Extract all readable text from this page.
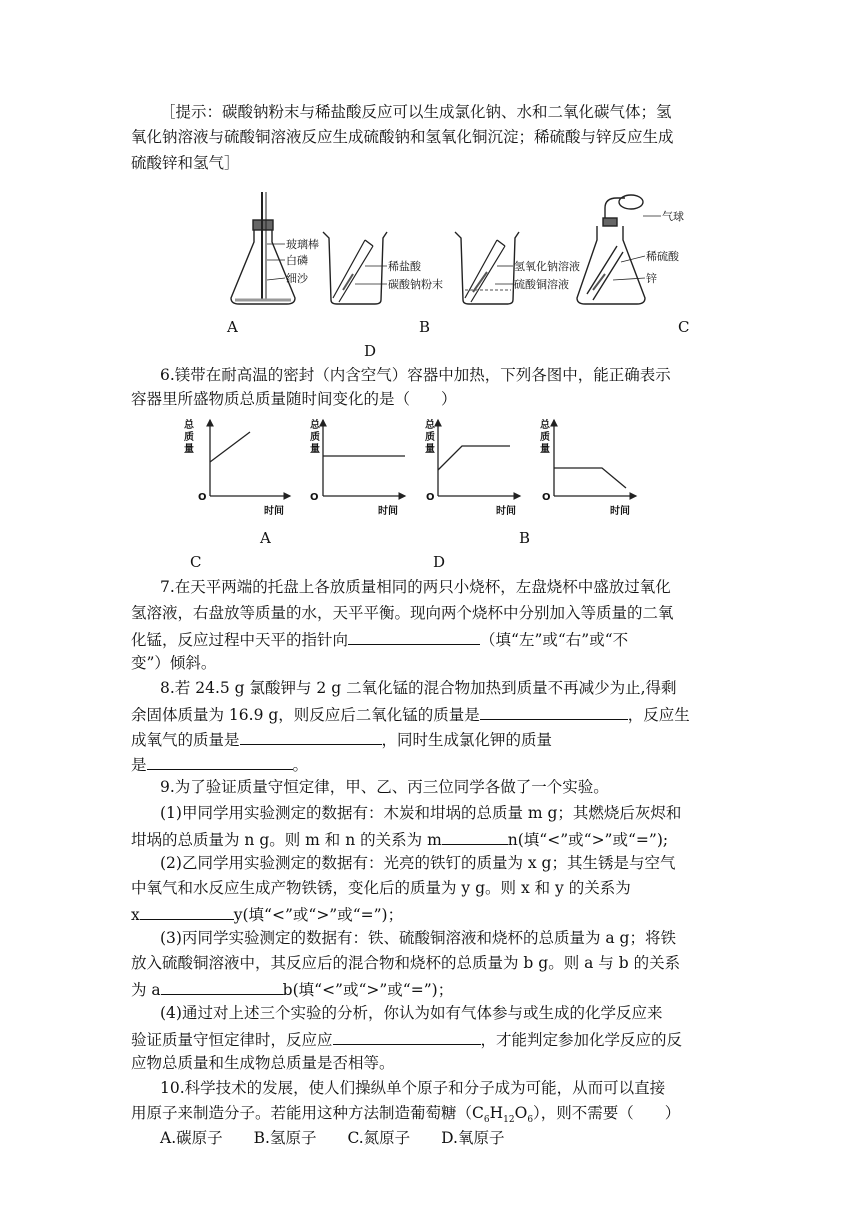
［提示：碳酸钠粉末与稀盐酸反应可以生成氯化钠、水和二氧化碳气体；氢
氧化钠溶液与硫酸铜溶液反应生成硫酸钠和氢氧化铜沉淀；稀硫酸与锌反应生成
硫酸锌和氢气］
玻璃棒
白磷
细沙
稀盐酸
碳酸钠粉末
氢氧化钠溶液
硫酸铜溶液
气球
稀硫酸
锌
A	B	C
D
6.镁带在耐高温的密封（内含空气）容器中加热，下列各图中，能正确表示
容器里所盛物质总质量随时间变化的是（　　）
总
质
量
O
时间
总
质
量
O
时间
总
质
量
O
时间
总
质
量
O
时间
A	B
C	D
7.在天平两端的托盘上各放质量相同的两只小烧杯，左盘烧杯中盛放过氧化
氢溶液，右盘放等质量的水，天平平衡。现向两个烧杯中分别加入等质量的二氧
化锰，反应过程中天平的指针向	（填“左”或“右”或“不
变”）倾斜。
8.若 24.5 g 氯酸钾与 2 g 二氧化锰的混合物加热到质量不再减少为止,得剩
余固体质量为 16.9 g，则反应后二氧化锰的质量是	，反应生
成氧气的质量是	，同时生成氯化钾的质量
是	。
9.为了验证质量守恒定律，甲、乙、丙三位同学各做了一个实验。
(1)甲同学用实验测定的数据有：木炭和坩埚的总质量 m g；其燃烧后灰烬和
坩埚的总质量为 n g。则 m 和 n 的关系为 m	n(填“<”或“>”或“=”);
(2)乙同学用实验测定的数据有：光亮的铁钉的质量为 x g；其生锈是与空气
中氧气和水反应生成产物铁锈，变化后的质量为 y g。则 x 和 y 的关系为
x	y(填“<”或“>”或“=”)；
(3)丙同学实验测定的数据有：铁、硫酸铜溶液和烧杯的总质量为 a g；将铁
放入硫酸铜溶液中，其反应后的混合物和烧杯的总质量为 b g。则 a 与 b 的关系
为 a	b(填“<”或“>”或“=”)；
(4)通过对上述三个实验的分析，你认为如有气体参与或生成的化学反应来
验证质量守恒定律时，反应应	，才能判定参加化学反应的反
应物总质量和生成物总质量是否相等。
10.科学技术的发展，使人们操纵单个原子和分子成为可能，从而可以直接
用原子来制造分子。若能用这种方法制造葡萄糖$(C_6H_{12}O_6)$，则不需要（　　）
A.碳原子　　B.氢原子　　C.氮原子　　D.氧原子
